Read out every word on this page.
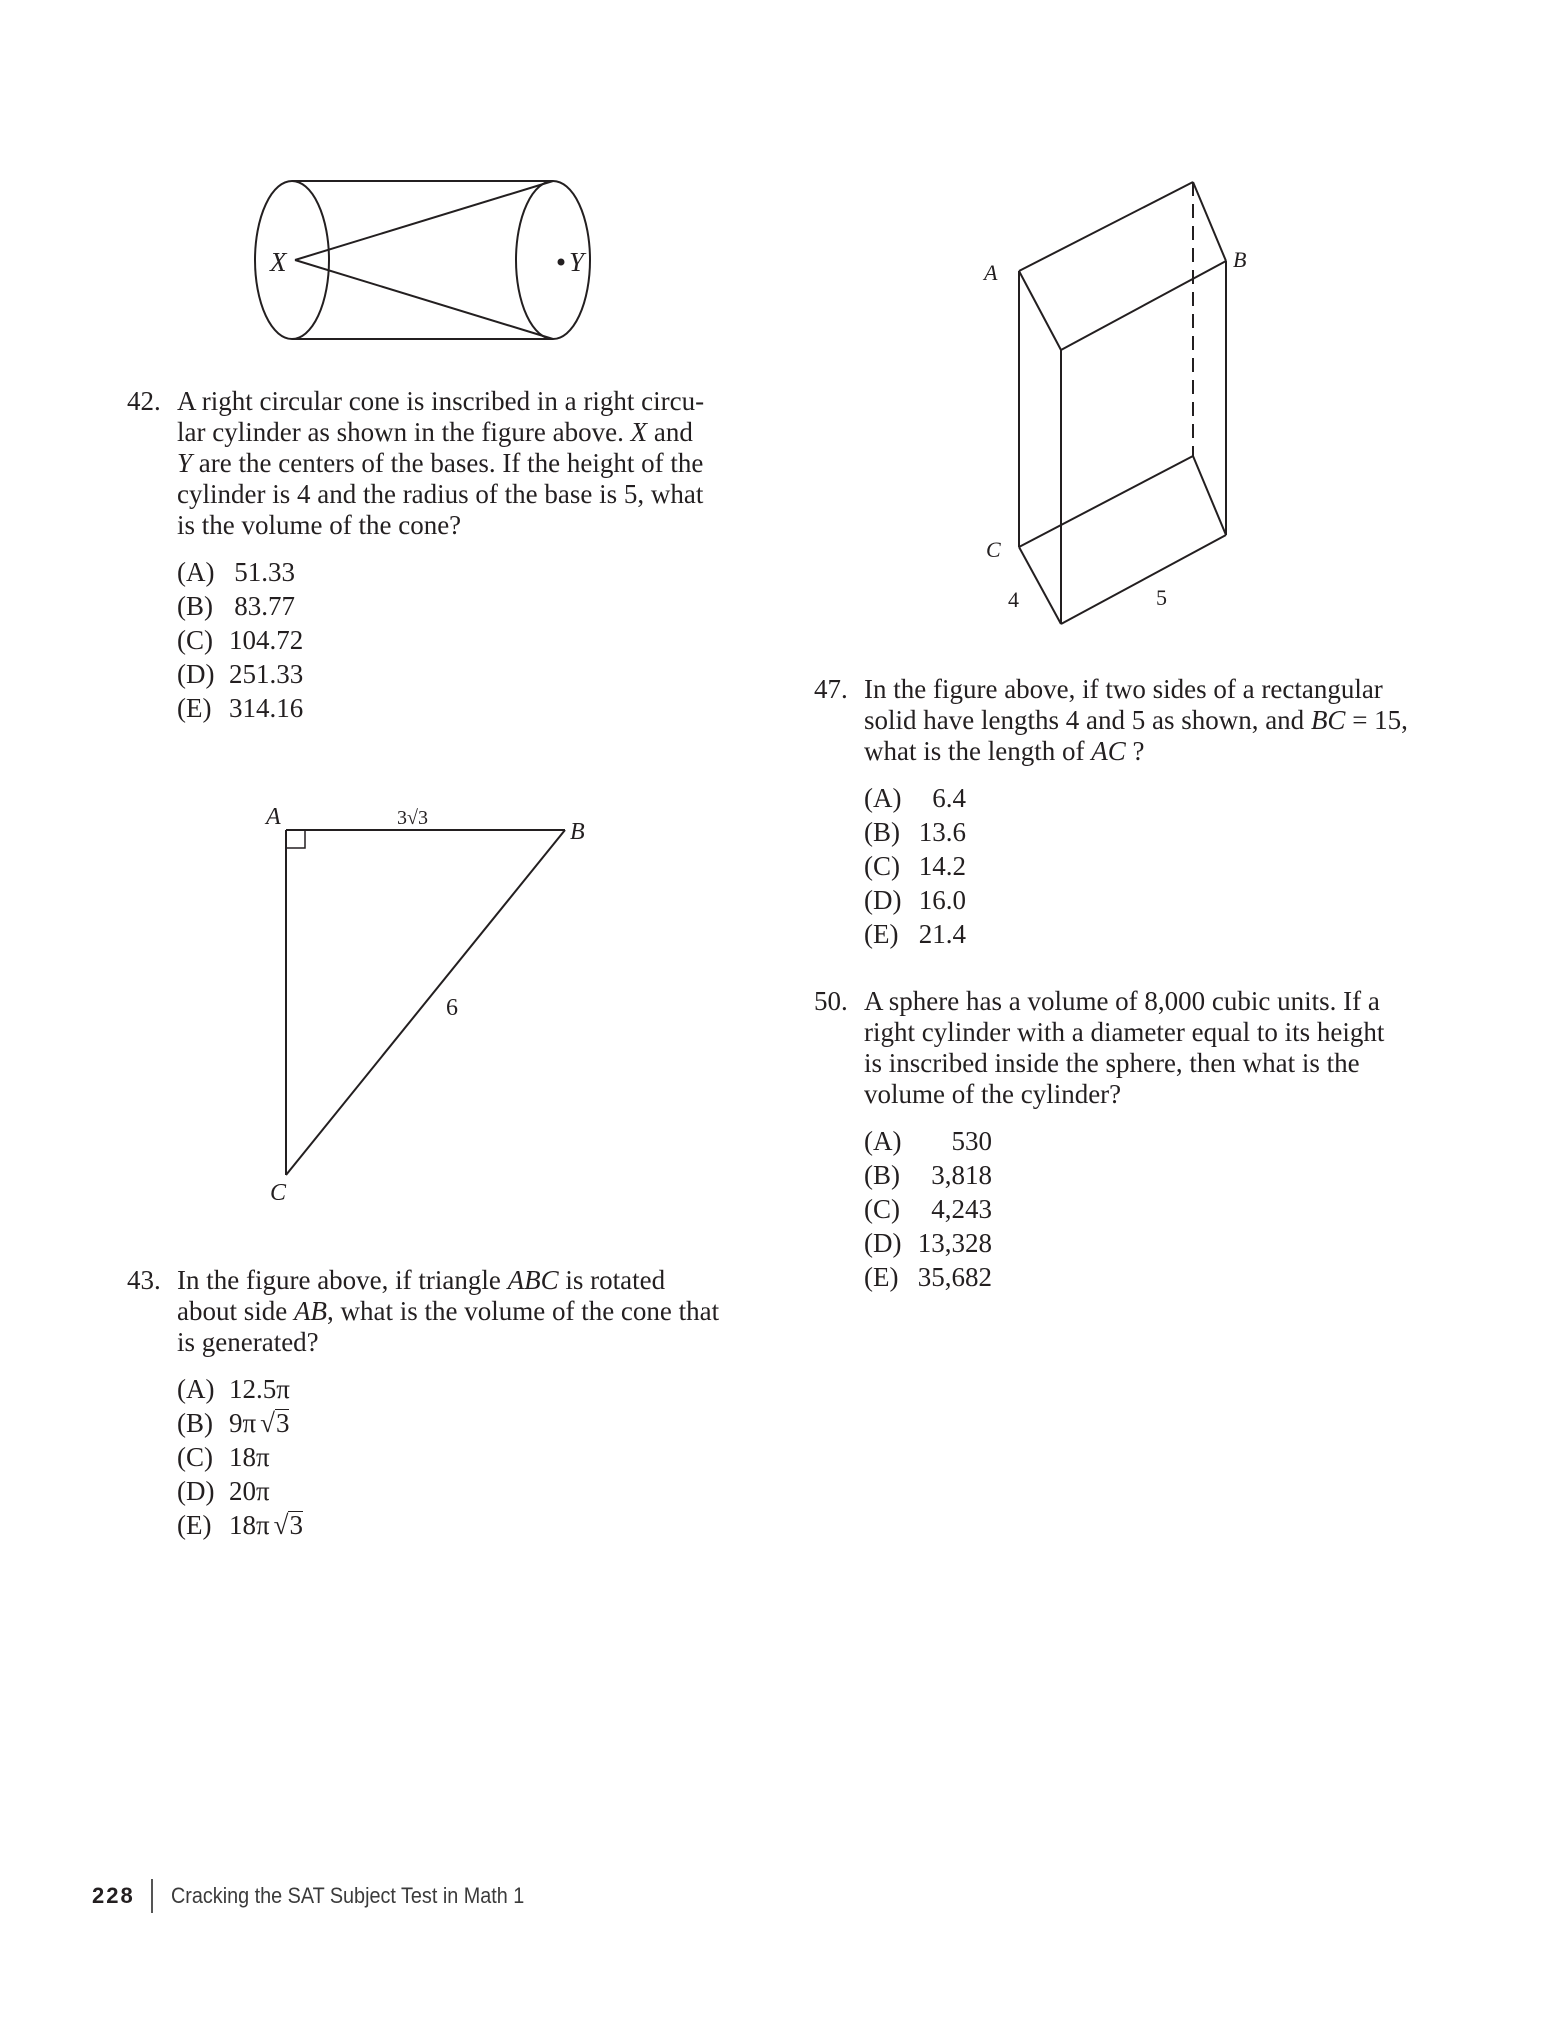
X	Y
42. A right circular cone is inscribed in a right circu-
lar cylinder as shown in the figure above. X and
Y are the centers of the bases. If the height of the
cylinder is 4 and the radius of the base is 5, what
is the volume of the cone?
(A) 51.33
(B) 83.77
(C) 104.72
(D) 251.33
(E) 314.16
A
B
C
3√3
6
43. In the figure above, if triangle ABC is rotated
about side AB, what is the volume of the cone that
is generated?
(A) 12.5π
(B) 9π √3
(C) 18π
(D) 20π
(E) 18π √3
A
B
C
4	5
47. In the figure above, if two sides of a rectangular
solid have lengths 4 and 5 as shown, and BC = 15,
what is the length of AC ?
(A)	6.4
(B) 13.6
(C) 14.2
(D) 16.0
(E) 21.4
50. A sphere has a volume of 8,000 cubic units. If a
right cylinder with a diameter equal to its height
is inscribed inside the sphere, then what is the
volume of the cylinder?
(A)	530
(B)	3,818
(C)	4,243
(D) 13,328
(E) 35,682
228 Cracking the SAT Subject Test in Math 1
